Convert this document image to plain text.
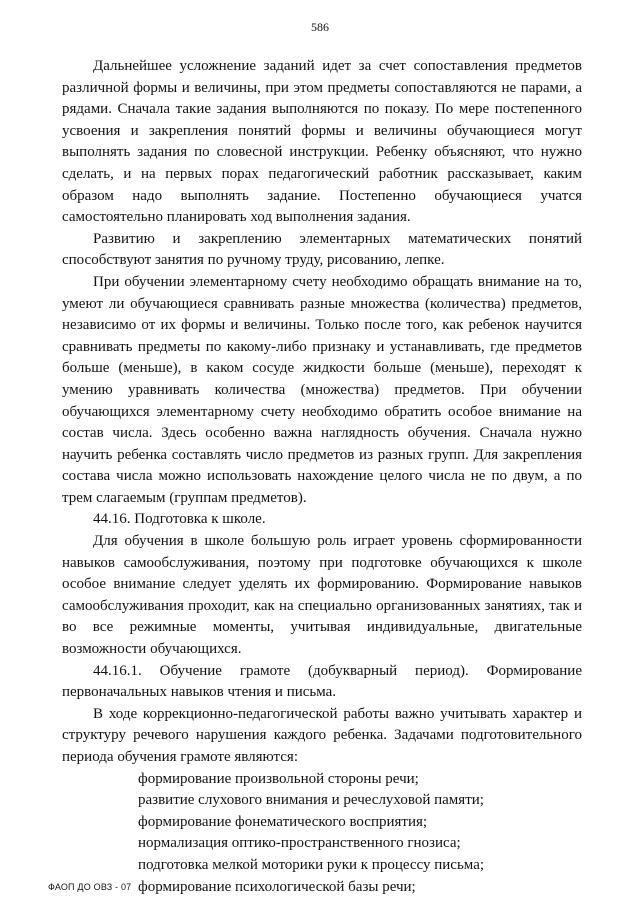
586

Дальнейшее усложнение заданий идет за счет сопоставления предметов различной формы и величины, при этом предметы сопоставляются не парами, а рядами. Сначала такие задания выполняются по показу. По мере постепенного усвоения и закрепления понятий формы и величины обучающиеся могут выполнять задания по словесной инструкции. Ребенку объясняют, что нужно сделать, и на первых порах педагогический работник рассказывает, каким образом надо выполнять задание. Постепенно обучающиеся учатся самостоятельно планировать ход выполнения задания.

Развитию и закреплению элементарных математических понятий способствуют занятия по ручному труду, рисованию, лепке.

При обучении элементарному счету необходимо обращать внимание на то, умеют ли обучающиеся сравнивать разные множества (количества) предметов, независимо от их формы и величины. Только после того, как ребенок научится сравнивать предметы по какому-либо признаку и устанавливать, где предметов больше (меньше), в каком сосуде жидкости больше (меньше), переходят к умению уравнивать количества (множества) предметов. При обучении обучающихся элементарному счету необходимо обратить особое внимание на состав числа. Здесь особенно важна наглядность обучения. Сначала нужно научить ребенка составлять число предметов из разных групп. Для закрепления состава числа можно использовать нахождение целого числа не по двум, а по трем слагаемым (группам предметов).

44.16. Подготовка к школе.

Для обучения в школе большую роль играет уровень сформированности навыков самообслуживания, поэтому при подготовке обучающихся к школе особое внимание следует уделять их формированию. Формирование навыков самообслуживания проходит, как на специально организованных занятиях, так и во все режимные моменты, учитывая индивидуальные, двигательные возможности обучающихся.

44.16.1. Обучение грамоте (добукварный период). Формирование первоначальных навыков чтения и письма.

В ходе коррекционно-педагогической работы важно учитывать характер и структуру речевого нарушения каждого ребенка. Задачами подготовительного периода обучения грамоте являются:

формирование произвольной стороны речи;
развитие слухового внимания и речеслуховой памяти;
формирование фонематического восприятия;
нормализация оптико-пространственного гнозиса;
подготовка мелкой моторики руки к процессу письма;
формирование психологической базы речи;
ФАОП ДО ОВЗ - 07
